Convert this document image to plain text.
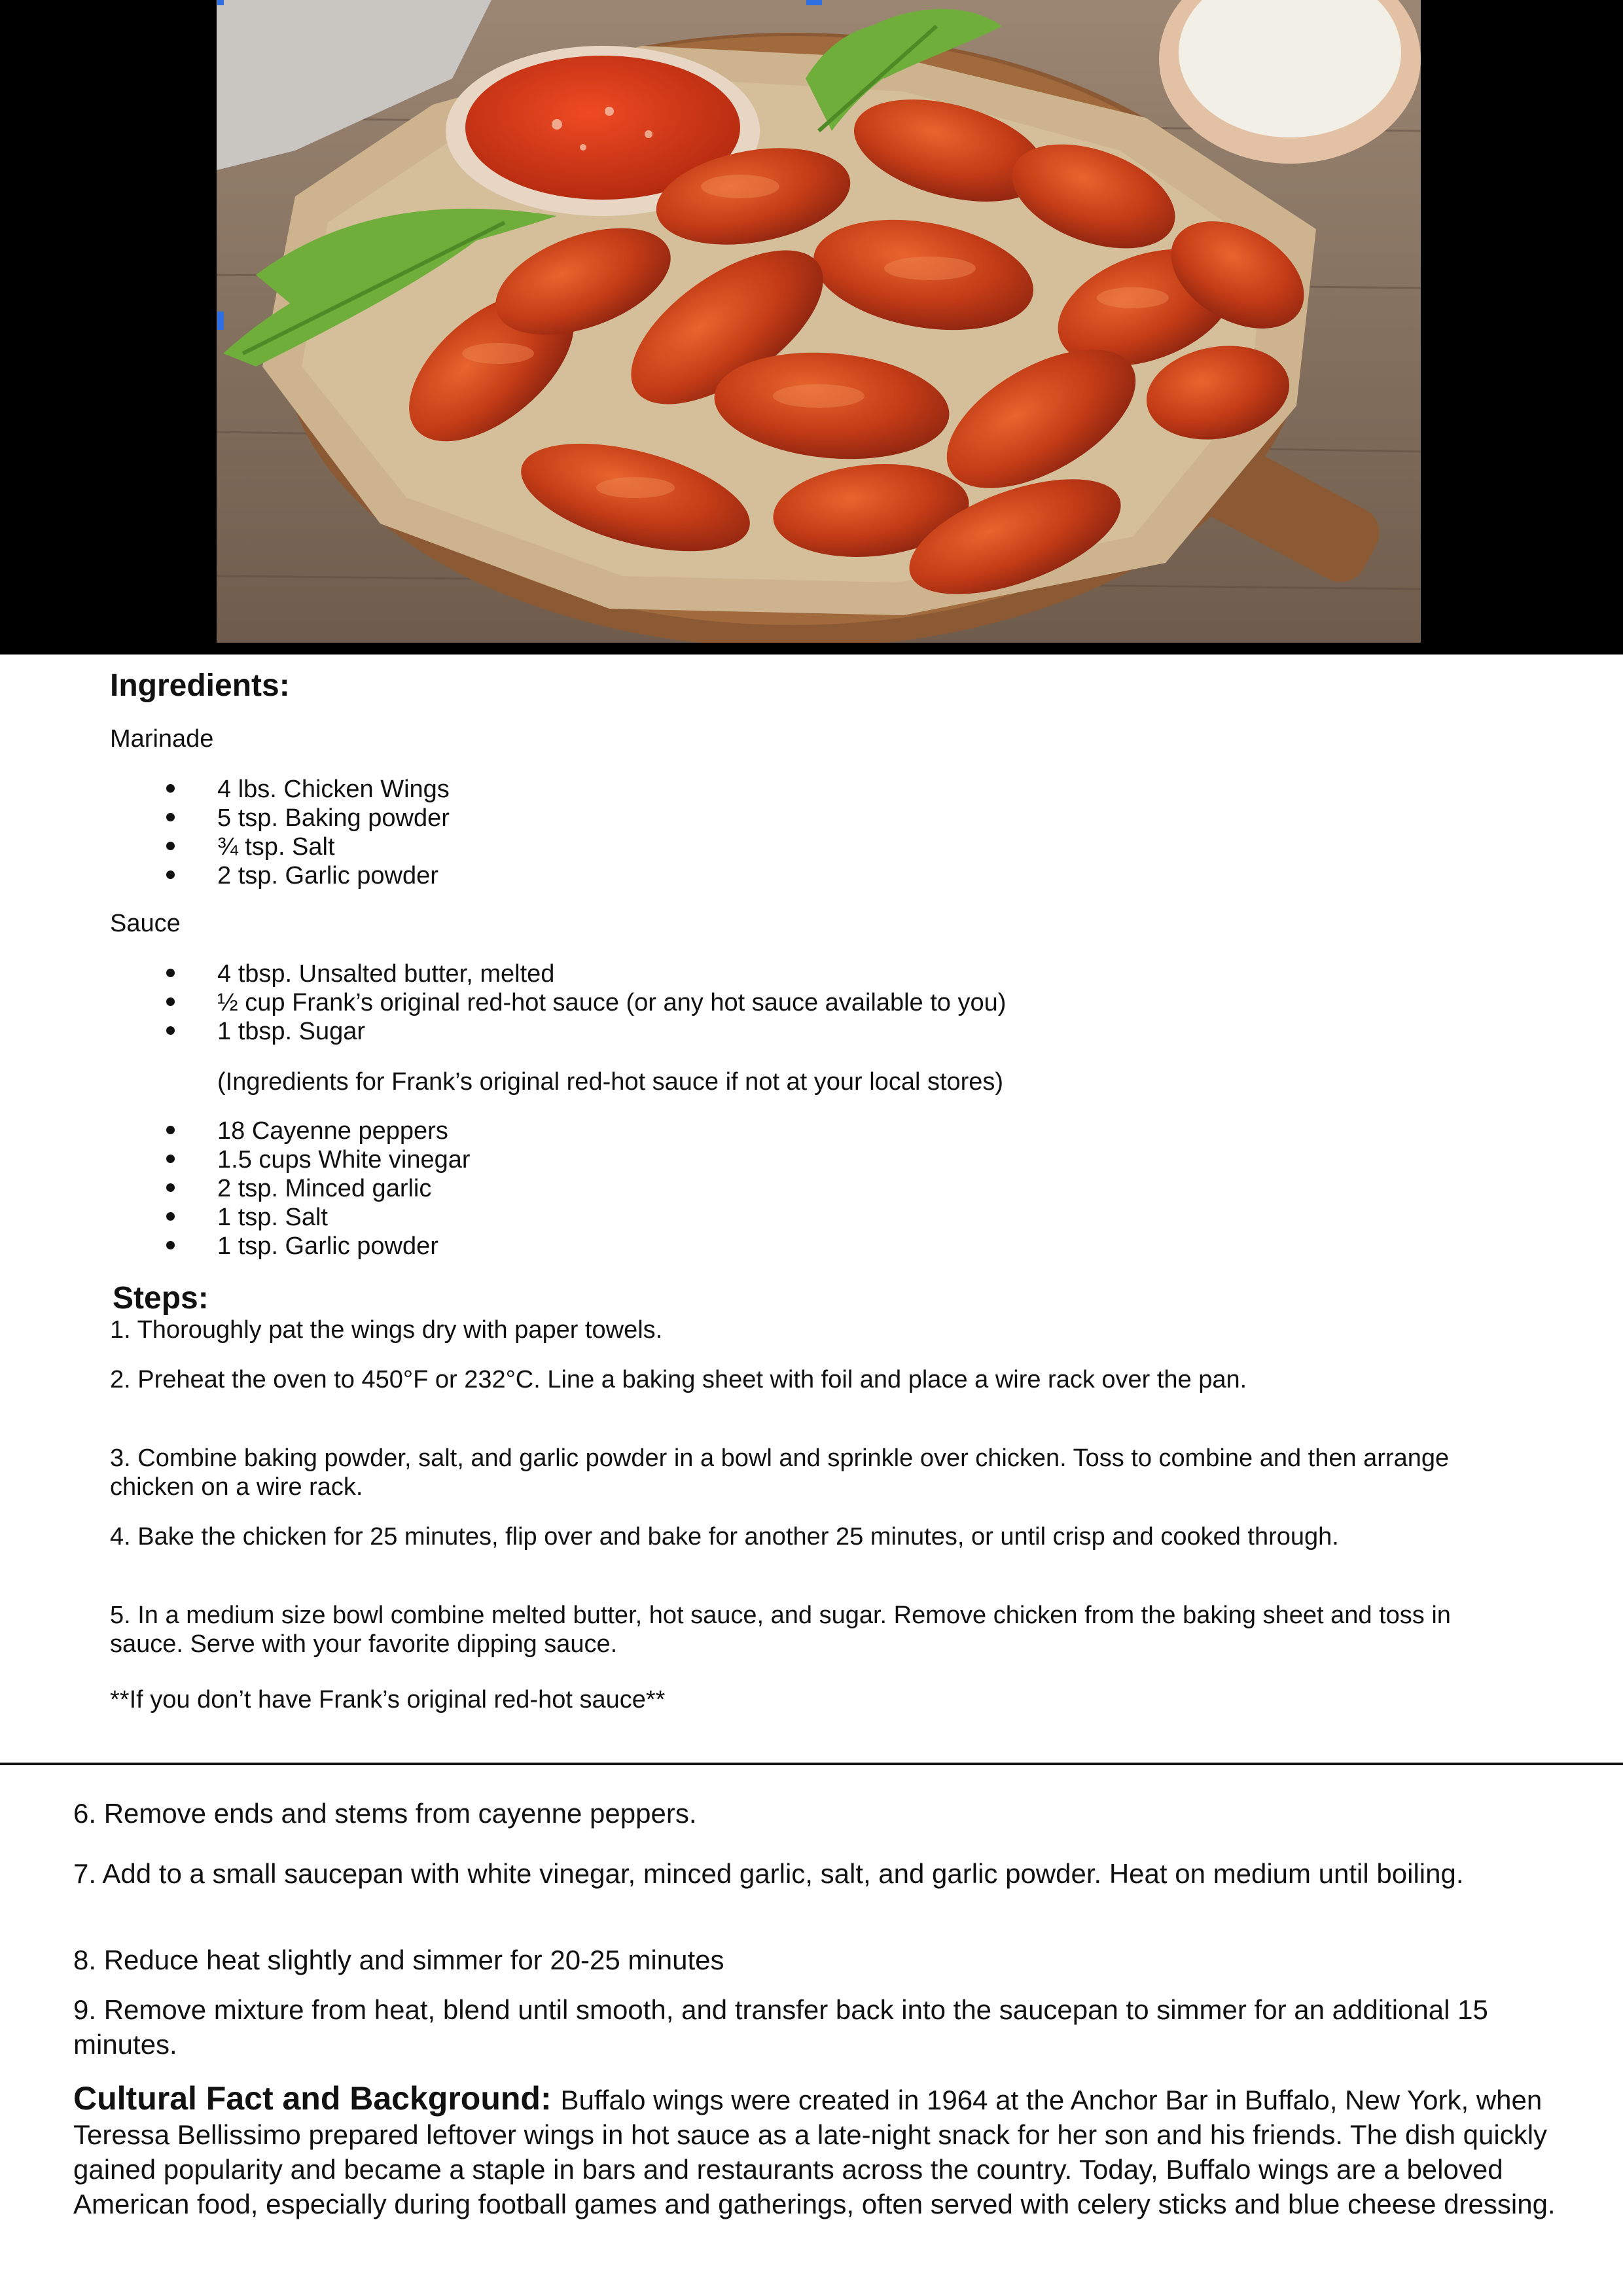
Ingredients:
Marinade
4 lbs. Chicken Wings
5 tsp. Baking powder
¾ tsp. Salt
2 tsp. Garlic powder
Sauce
4 tbsp. Unsalted butter, melted
½ cup Frank’s original red-hot sauce (or any hot sauce available to you)
1 tbsp. Sugar
(Ingredients for Frank’s original red-hot sauce if not at your local stores)
18 Cayenne peppers
1.5 cups White vinegar
2 tsp. Minced garlic
1 tsp. Salt
1 tsp. Garlic powder
Steps:

1. Thoroughly pat the wings dry with paper towels.

2. Preheat the oven to 450°F or 232°C. Line a baking sheet with foil and place a wire rack over the pan.

3. Combine baking powder, salt, and garlic powder in a bowl and sprinkle over chicken. Toss to combine and then arrange chicken on a wire rack.

4. Bake the chicken for 25 minutes, flip over and bake for another 25 minutes, or until crisp and cooked through.

5. In a medium size bowl combine melted butter, hot sauce, and sugar. Remove chicken from the baking sheet and toss in sauce. Serve with your favorite dipping sauce.

**If you don’t have Frank’s original red-hot sauce**
6. Remove ends and stems from cayenne peppers.
7. Add to a small saucepan with white vinegar, minced garlic, salt, and garlic powder. Heat on medium until boiling.
8. Reduce heat slightly and simmer for 20-25 minutes
9. Remove mixture from heat, blend until smooth, and transfer back into the saucepan to simmer for an additional 15 minutes.
Cultural Fact and Background: Buffalo wings were created in 1964 at the Anchor Bar in Buffalo, New York, when Teressa Bellissimo prepared leftover wings in hot sauce as a late-night snack for her son and his friends. The dish quickly gained popularity and became a staple in bars and restaurants across the country. Today, Buffalo wings are a beloved American food, especially during football games and gatherings, often served with celery sticks and blue cheese dressing.
